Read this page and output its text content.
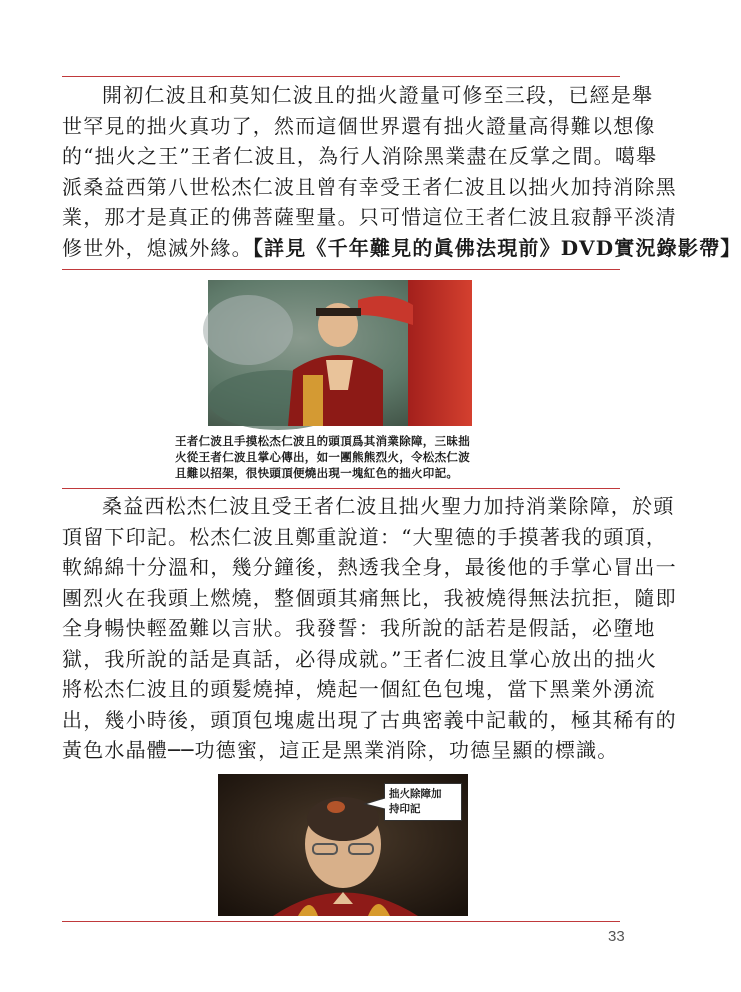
開初仁波且和莫知仁波且的拙火證量可修至三段，已經是舉
世罕見的拙火真功了，然而這個世界還有拙火證量高得難以想像
的“拙火之王”王者仁波且，為行人消除黑業盡在反掌之間。噶舉
派桑益西第八世松杰仁波且曾有幸受王者仁波且以拙火加持消除黑
業，那才是真正的佛菩薩聖量。只可惜這位王者仁波且寂靜平淡清
修世外，熄滅外緣。【詳見《千年難見的眞佛法現前》DVD實況錄影帶】
王者仁波且手摸松杰仁波且的頭頂爲其消業除障，三昧拙
火從王者仁波且掌心傳出，如一團熊熊烈火，令松杰仁波
且難以招架，很快頭頂便燒出現一塊紅色的拙火印記。
桑益西松杰仁波且受王者仁波且拙火聖力加持消業除障，於頭
頂留下印記。松杰仁波且鄭重說道：“大聖德的手摸著我的頭頂，
軟綿綿十分溫和，幾分鐘後，熱透我全身，最後他的手掌心冒出一
團烈火在我頭上燃燒，整個頭其痛無比，我被燒得無法抗拒，隨即
全身暢快輕盈難以言狀。我發誓：我所說的話若是假話，必墮地
獄，我所說的話是真話，必得成就。”王者仁波且掌心放出的拙火
將松杰仁波且的頭髮燒掉，燒起一個紅色包塊，當下黑業外湧流
出，幾小時後，頭頂包塊處出現了古典密義中記載的，極其稀有的
黃色水晶體──功德蜜，這正是黑業消除，功德呈顯的標識。
拙火除障加
持印記
33
